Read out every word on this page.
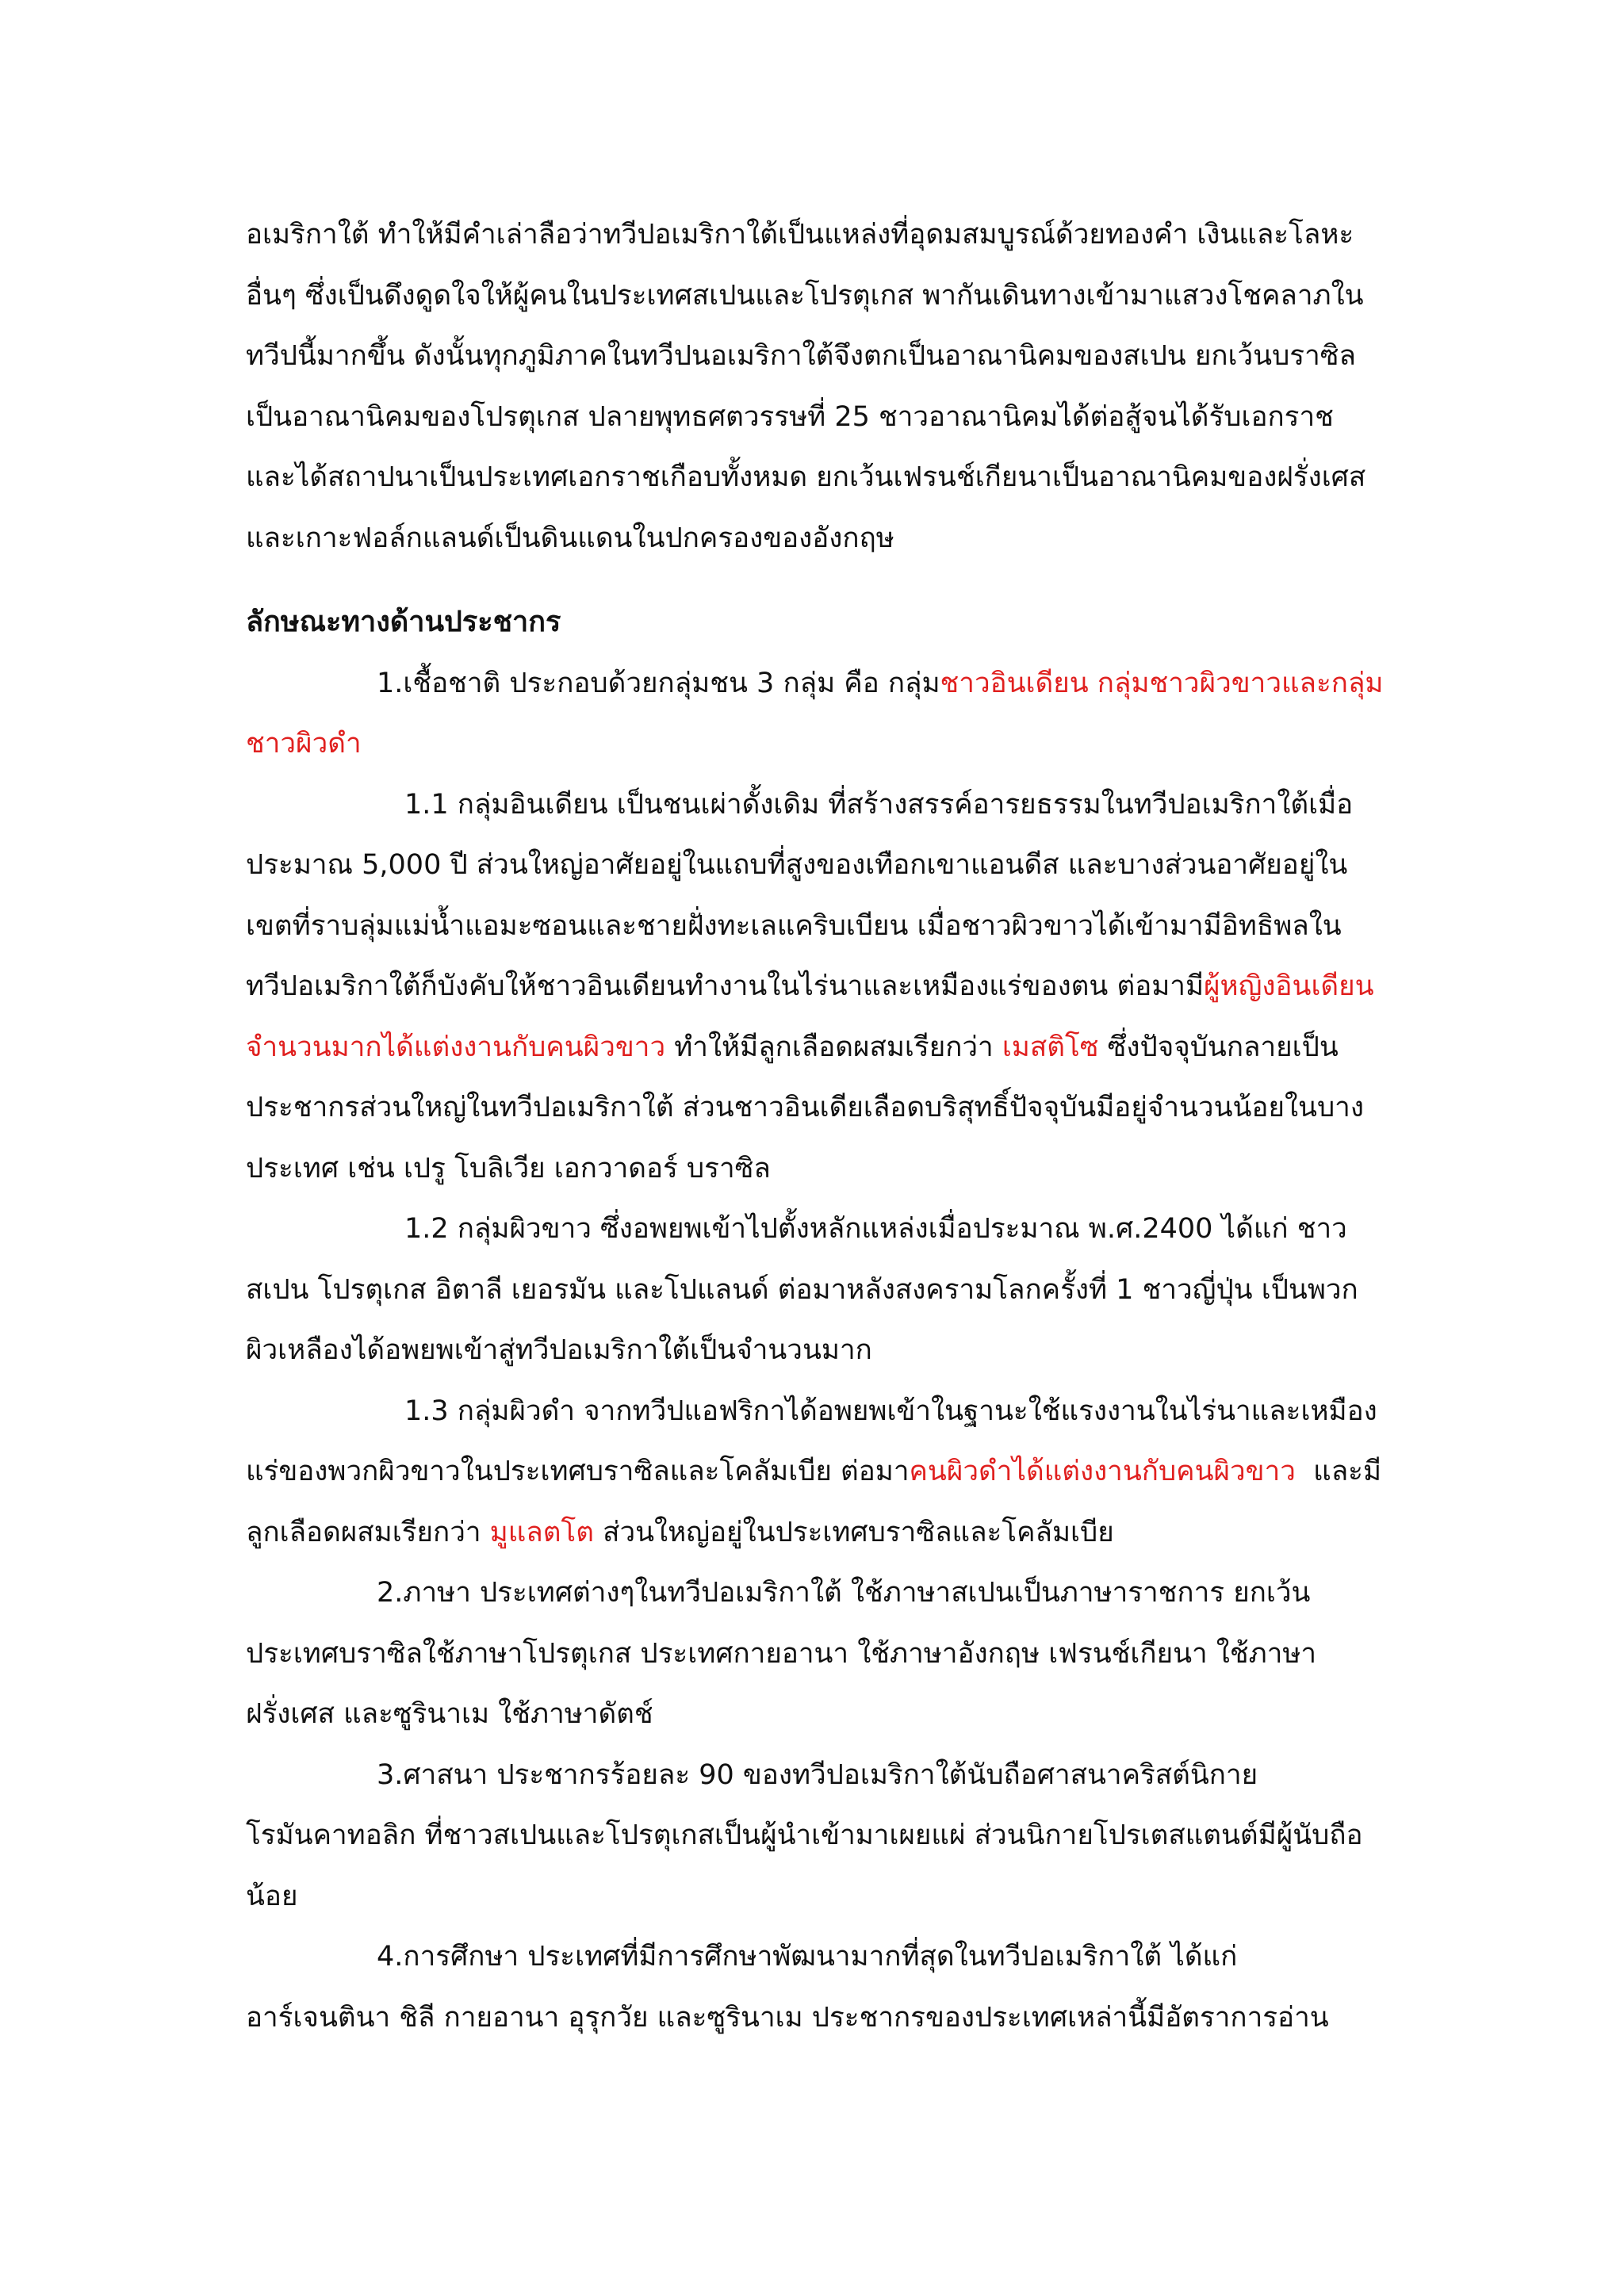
อเมริกาใต้ ทำให้มีคำเล่าลือว่าทวีปอเมริกาใต้เป็นแหล่งที่อุดมสมบูรณ์ด้วยทองคำ เงินและโลหะ
อื่นๆ ซึ่งเป็นดึงดูดใจให้ผู้คนในประเทศสเปนและโปรตุเกส พากันเดินทางเข้ามาแสวงโชคลาภใน
ทวีปนี้มากขึ้น ดังนั้นทุกภูมิภาคในทวีปนอเมริกาใต้จึงตกเป็นอาณานิคมของสเปน ยกเว้นบราซิล
เป็นอาณานิคมของโปรตุเกส ปลายพุทธศตวรรษที่ 25 ชาวอาณานิคมได้ต่อสู้จนได้รับเอกราช
และได้สถาปนาเป็นประเทศเอกราชเกือบทั้งหมด ยกเว้นเฟรนช์เกียนาเป็นอาณานิคมของฝรั่งเศส
และเกาะฟอล์กแลนด์เป็นดินแดนในปกครองของอังกฤษ
ลักษณะทางด้านประชากร
1.เชื้อชาติ ประกอบด้วยกลุ่มชน 3 กลุ่ม คือ กลุ่มชาวอินเดียน กลุ่มชาวผิวขาวและกลุ่ม
ชาวผิวดำ
1.1 กลุ่มอินเดียน เป็นชนเผ่าดั้งเดิม ที่สร้างสรรค์อารยธรรมในทวีปอเมริกาใต้เมื่อ
ประมาณ 5,000 ปี ส่วนใหญ่อาศัยอยู่ในแถบที่สูงของเทือกเขาแอนดีส และบางส่วนอาศัยอยู่ใน
เขตที่ราบลุ่มแม่น้ำแอมะซอนและชายฝั่งทะเลแคริบเบียน เมื่อชาวผิวขาวได้เข้ามามีอิทธิพลใน
ทวีปอเมริกาใต้ก็บังคับให้ชาวอินเดียนทำงานในไร่นาและเหมืองแร่ของตน ต่อมามีผู้หญิงอินเดียน
จำนวนมากได้แต่งงานกับคนผิวขาว ทำให้มีลูกเลือดผสมเรียกว่า เมสติโซ ซึ่งปัจจุบันกลายเป็น
ประชากรส่วนใหญ่ในทวีปอเมริกาใต้ ส่วนชาวอินเดียเลือดบริสุทธิ์ปัจจุบันมีอยู่จำนวนน้อยในบาง
ประเทศ เช่น เปรู โบลิเวีย เอกวาดอร์ บราซิล
1.2 กลุ่มผิวขาว ซึ่งอพยพเข้าไปตั้งหลักแหล่งเมื่อประมาณ พ.ศ.2400 ได้แก่ ชาว
สเปน โปรตุเกส อิตาลี เยอรมัน และโปแลนด์ ต่อมาหลังสงครามโลกครั้งที่ 1 ชาวญี่ปุ่น เป็นพวก
ผิวเหลืองได้อพยพเข้าสู่ทวีปอเมริกาใต้เป็นจำนวนมาก
1.3 กลุ่มผิวดำ จากทวีปแอฟริกาได้อพยพเข้าในฐานะใช้แรงงานในไร่นาและเหมือง
แร่ของพวกผิวขาวในประเทศบราซิลและโคลัมเบีย ต่อมาคนผิวดำได้แต่งงานกับคนผิวขาว  และมี
ลูกเลือดผสมเรียกว่า มูแลตโต ส่วนใหญ่อยู่ในประเทศบราซิลและโคลัมเบีย
2.ภาษา ประเทศต่างๆในทวีปอเมริกาใต้ ใช้ภาษาสเปนเป็นภาษาราชการ ยกเว้น
ประเทศบราซิลใช้ภาษาโปรตุเกส ประเทศกายอานา ใช้ภาษาอังกฤษ เฟรนช์เกียนา ใช้ภาษา
ฝรั่งเศส และซูรินาเม ใช้ภาษาดัตช์
3.ศาสนา ประชากรร้อยละ 90 ของทวีปอเมริกาใต้นับถือศาสนาคริสต์นิกาย
โรมันคาทอลิก ที่ชาวสเปนและโปรตุเกสเป็นผู้นำเข้ามาเผยแผ่ ส่วนนิกายโปรเตสแตนต์มีผู้นับถือ
น้อย
4.การศึกษา ประเทศที่มีการศึกษาพัฒนามากที่สุดในทวีปอเมริกาใต้ ได้แก่
อาร์เจนตินา ชิลี กายอานา อุรุกวัย และซูรินาเม ประชากรของประเทศเหล่านี้มีอัตราการอ่าน
